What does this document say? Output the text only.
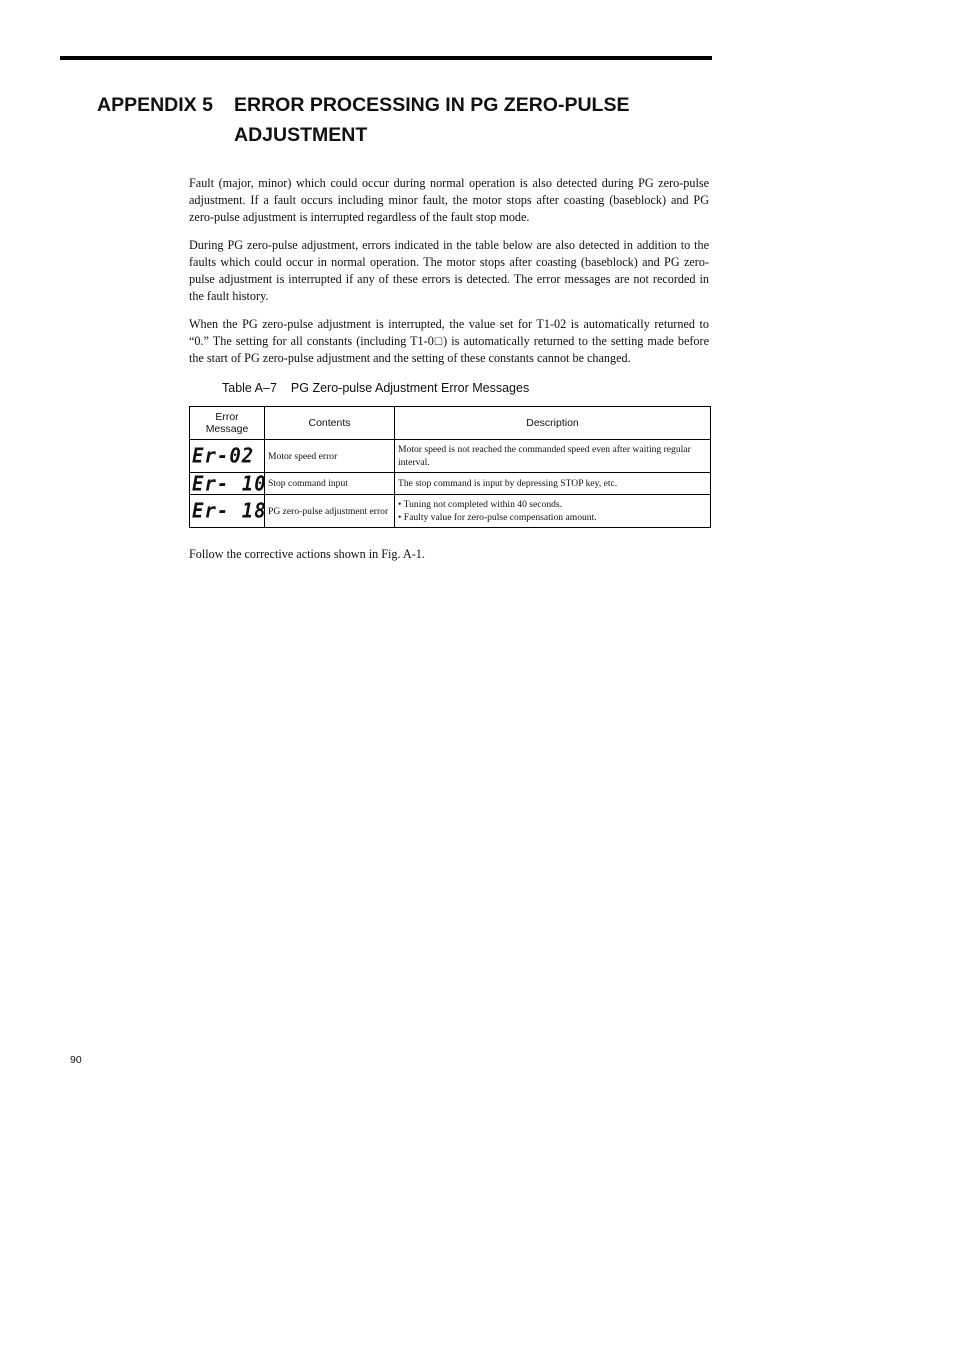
APPENDIX 5 ERROR PROCESSING IN PG ZERO-PULSE ADJUSTMENT

Fault (major, minor) which could occur during normal operation is also detected during PG zero-pulse adjustment. If a fault occurs including minor fault, the motor stops after coasting (baseblock) and PG zero-pulse adjustment is interrupted regardless of the fault stop mode.

During PG zero-pulse adjustment, errors indicated in the table below are also detected in addition to the faults which could occur in normal operation. The motor stops after coasting (baseblock) and PG zero-pulse adjustment is interrupted if any of these errors is detected. The error messages are not recorded in the fault history.

When the PG zero-pulse adjustment is interrupted, the value set for T1-02 is automatically returned to “0.” The setting for all constants (including T1-0□) is automatically returned to the setting made before the start of PG zero-pulse adjustment and the setting of these constants cannot be changed.

Table A–7 PG Zero-pulse Adjustment Error Messages
Error Message	Contents	Description

Er-02	Motor speed error	Motor speed is not reached the commanded speed even after waiting regular interval.

Er- 10	Stop command input	The stop command is input by depressing STOP key, etc.

Er- 18	PG zero-pulse adjustment error	• Tuning not completed within 40 seconds.
• Faulty value for zero-pulse compensation amount.
Follow the corrective actions shown in Fig. A-1.
90
